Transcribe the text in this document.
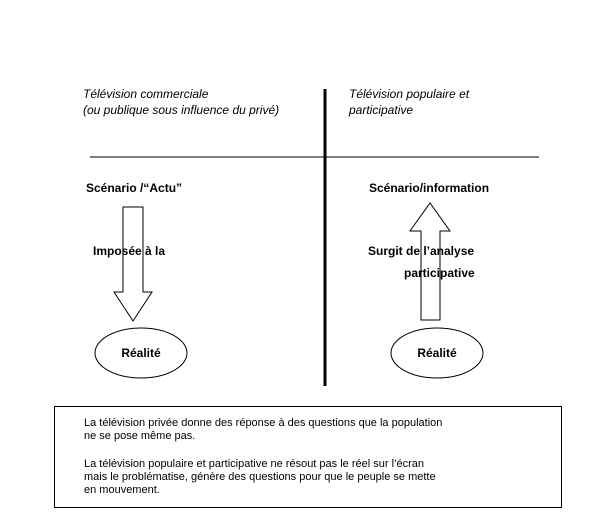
Télévision commerciale

(ou publique sous influence du privé)

Télévision populaire et

participative

Scénario /“Actu”	Scénario/information

Imposée à la	Surgit de l’analyse

participative

Réalité	Réalité

La télévision privée donne des réponse à des questions que la population

ne se pose même pas.

La télévision populaire et participative ne résout pas le réel sur l’écran

mais le problématise, génère des questions pour que le peuple se mette

en mouvement.
